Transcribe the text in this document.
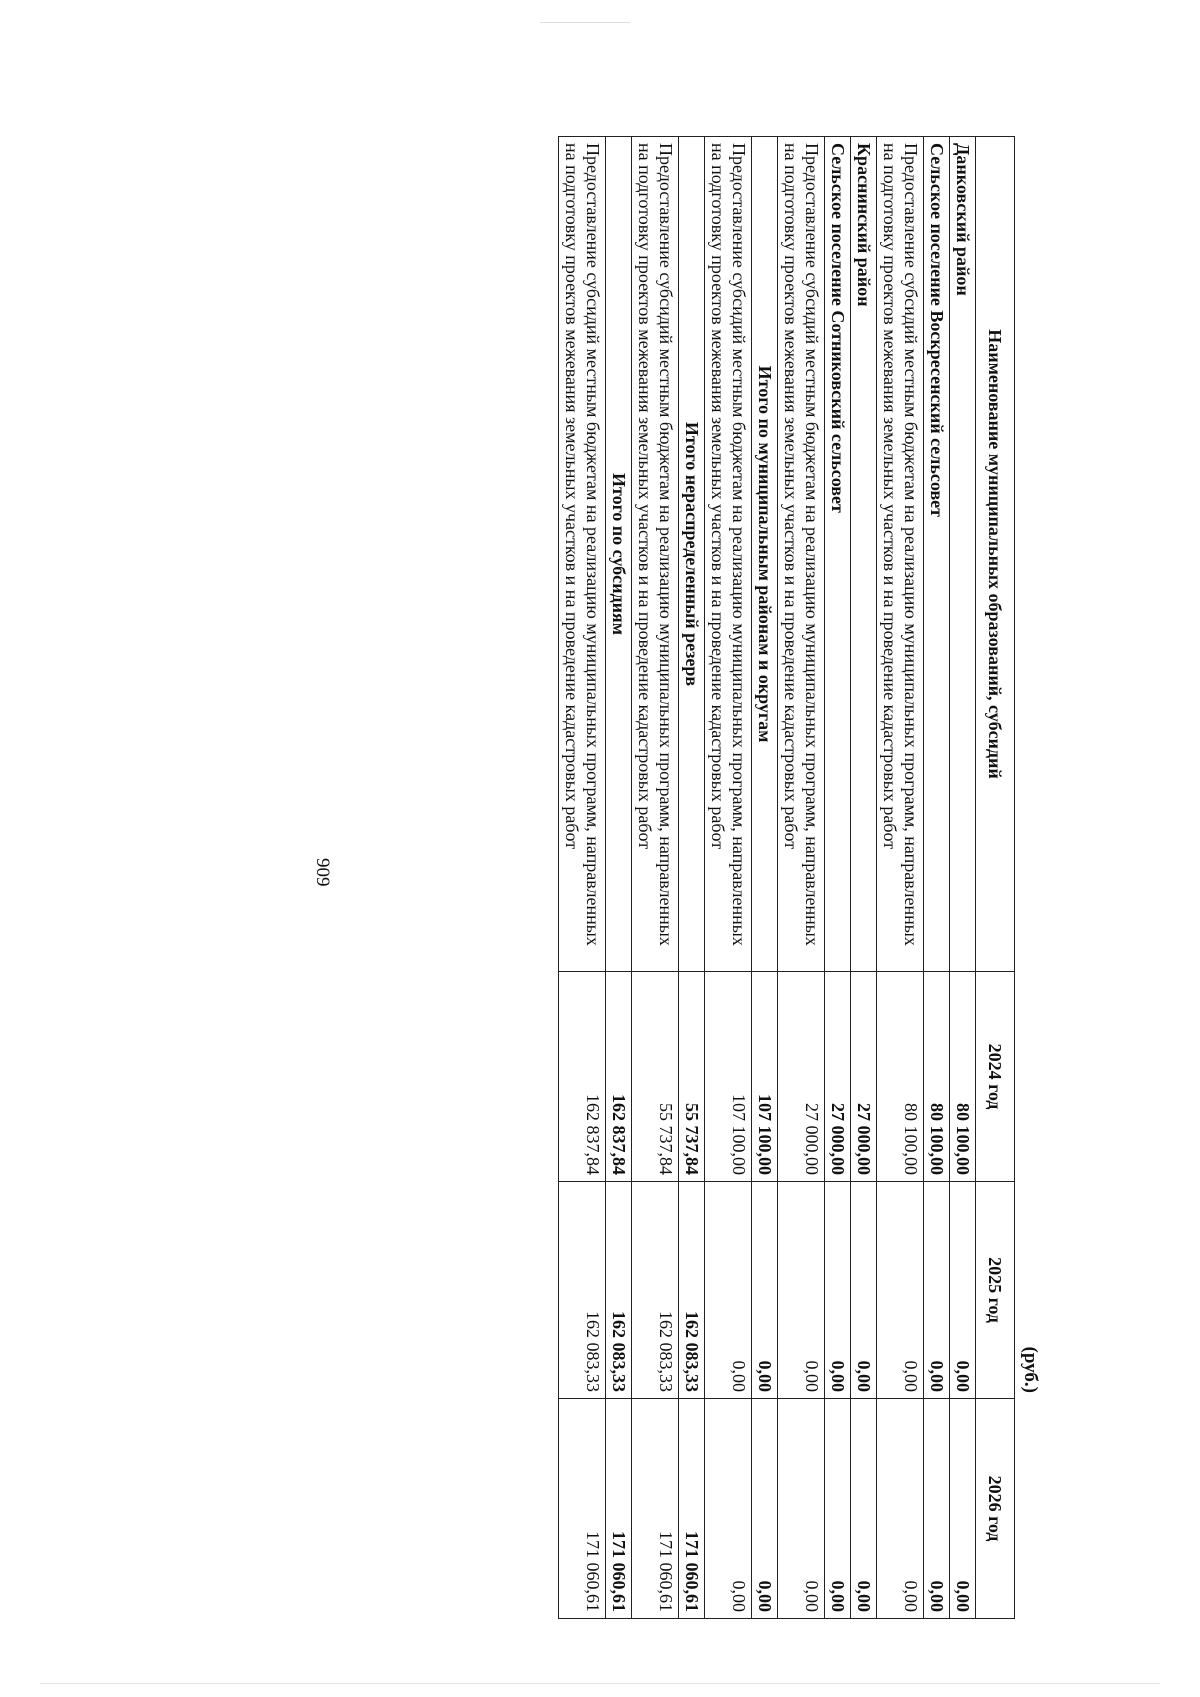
909
(руб.)
Наименование муниципальных образований, субсидий	2024 год	2025 год	2026 год
Данковский район	80 100,00	0,00	0,00
Сельское поселение Воскресенский сельсовет	80 100,00	0,00	0,00
Предоставление субсидий местным бюджетам на реализацию муниципальных программ, направленных на подготовку проектов межевания земельных участков и на проведение кадастровых работ	80 100,00	0,00	0,00
Краснинский район	27 000,00	0,00	0,00
Сельское поселение Сотниковский сельсовет	27 000,00	0,00	0,00
Предоставление субсидий местным бюджетам на реализацию муниципальных программ, направленных на подготовку проектов межевания земельных участков и на проведение кадастровых работ	27 000,00	0,00	0,00
Итого по муниципальным районам и округам	107 100,00	0,00	0,00
Предоставление субсидий местным бюджетам на реализацию муниципальных программ, направленных на подготовку проектов межевания земельных участков и на проведение кадастровых работ	107 100,00	0,00	0,00
Итого нераспределенный резерв	55 737,84	162 083,33	171 060,61
Предоставление субсидий местным бюджетам на реализацию муниципальных программ, направленных на подготовку проектов межевания земельных участков и на проведение кадастровых работ	55 737,84	162 083,33	171 060,61
Итого по субсидиям	162 837,84	162 083,33	171 060,61
Предоставление субсидий местным бюджетам на реализацию муниципальных программ, направленных на подготовку проектов межевания земельных участков и на проведение кадастровых работ	162 837,84	162 083,33	171 060,61
